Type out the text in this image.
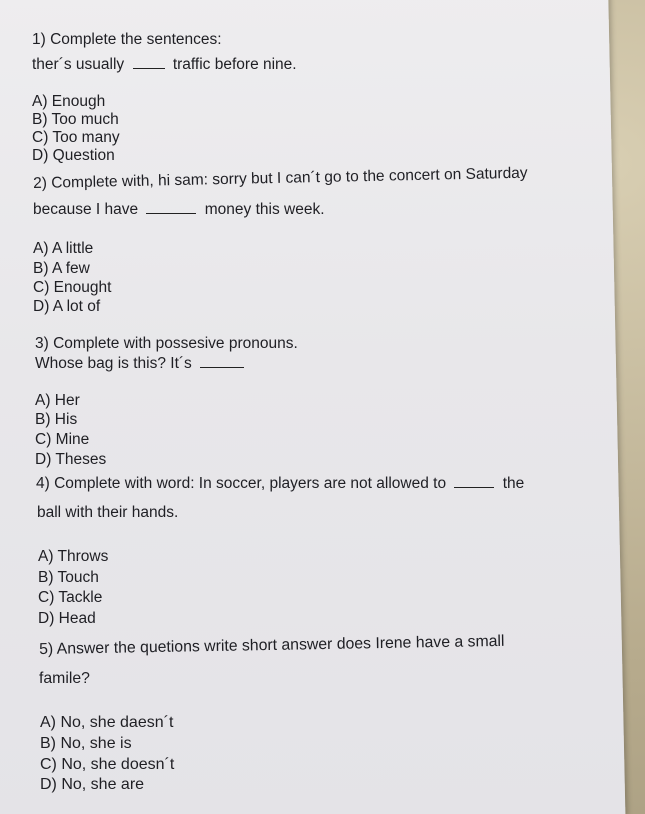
1) Complete the sentences:

ther´s usually	traffic before nine.

A) Enough

B) Too much

C) Too many

D) Question

2) Complete with, hi sam: sorry but I can´t go to the concert on Saturday

because I have	money this week.

A) A little

B) A few

C) Enought

D) A lot of

3) Complete with possesive pronouns.

Whose bag is this? It´s

A) Her

B) His

C) Mine

D) Theses

4) Complete with word: In soccer, players are not allowed to	the

ball with their hands.

A) Throws

B) Touch

C) Tackle

D) Head

5) Answer the quetions write short answer does Irene have a small

famile?

A) No, she daesn´t

B) No, she is

C) No, she doesn´t

D) No, she are
